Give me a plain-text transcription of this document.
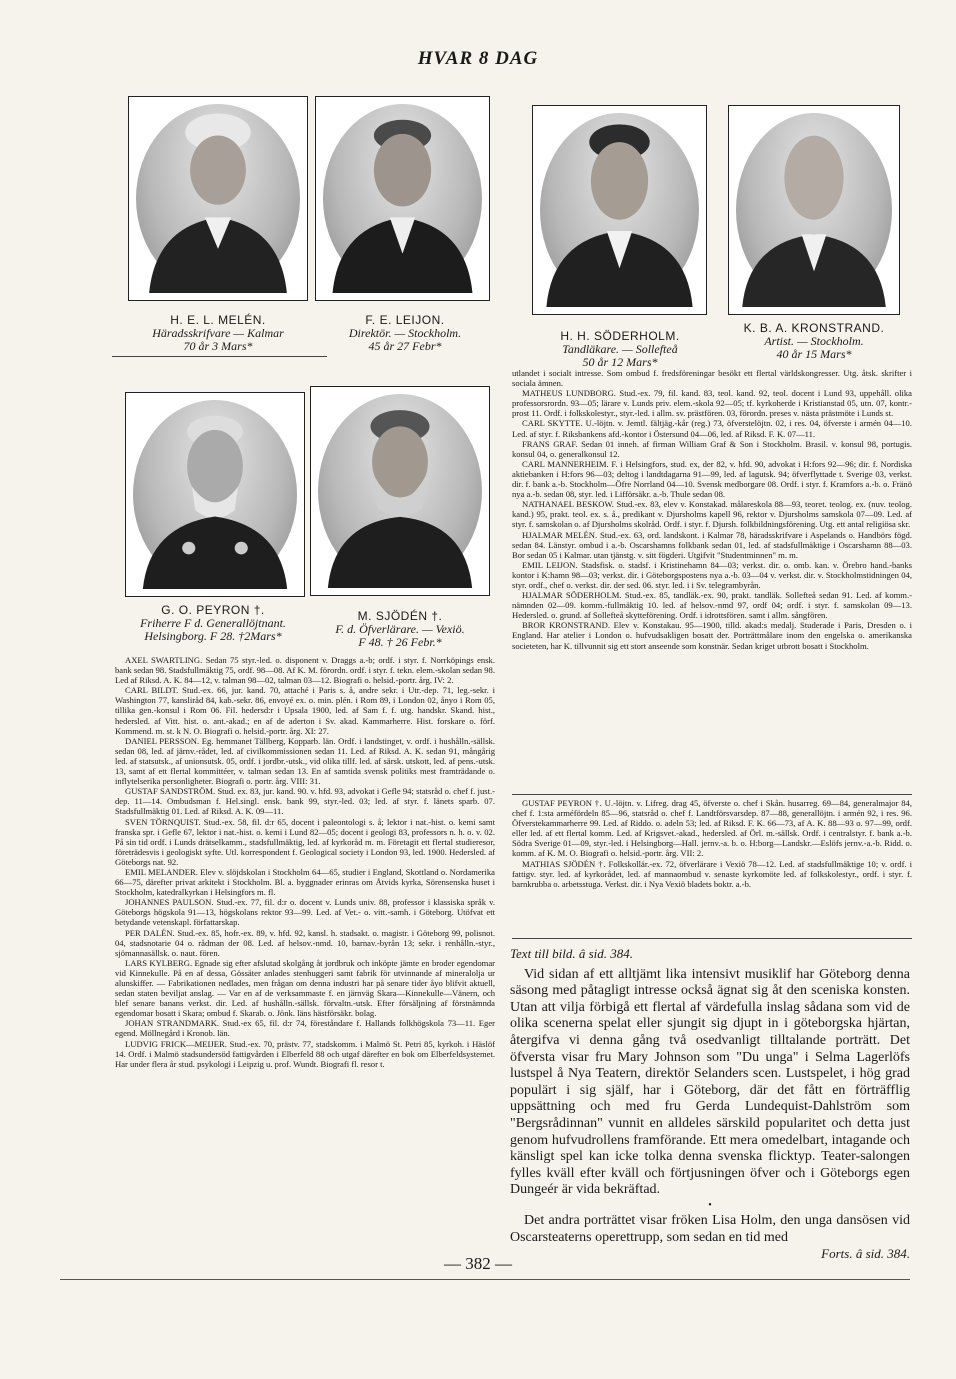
HVAR 8 DAG
H. E. L. MELÉN.
Häradsskrifvare — Kalmar
70 år 3 Mars*
F. E. LEIJON.
Direktör. — Stockholm.
45 år 27 Febr*
H. H. SÖDERHOLM.
Tandläkare. — Sollefteå
50 år 12 Mars*
K. B. A. KRONSTRAND.
Artist. — Stockholm.
40 år 15 Mars*
G. O. PEYRON †.
Friherre F d. Generallöjtnant.
Helsingborg. F 28. †2Mars*
M. SJÖDÉN †.
F. d. Öfverlärare. — Vexiö.
F 48. † 26 Febr.*

AXEL SWARTLING. Sedan 75 styr.-led. o. disponent v. Draggs a.-b; ordf. i styr. f. Norrköpings ensk. bank sedan 98. Stadsfullmäktig 75, ordf. 98—08. Af K. M. förordn. ordf. i styr. f. tekn. elem.-skolan sedan 98. Led af Riksd. A. K. 84—12, v. talman 98—02, talman 03—12. Biografi o. helsid.-portr. årg. IV: 2.

CARL BILDT. Stud.-ex. 66, jur. kand. 70, attaché i Paris s. å, andre sekr. i Utr.-dep. 71, leg.-sekr. i Washington 77, kansliråd 84, kab.-sekr. 86, envoyé ex. o. min. plén. i Rom 89, i London 02, ånyo i Rom 05, tillika gen.-konsul i Rom 06. Fil. hedersd:r i Upsala 1900, led. af Sam f. f. utg. handskr. Skand. hist., hedersled. af Vitt. hist. o. ant.-akad.; en af de aderton i Sv. akad. Kammarherre. Hist. forskare o. förf. Kommend. m. st. k N. O. Biografi o. helsid.-portr. årg. XI: 27.

DANIEL PERSSON. Eg. hemmanet Tällberg, Kopparb. län. Ordf. i landstinget, v. ordf. i hushålln.-sällsk. sedan 08, led. af järnv.-rådet, led. af civilkommissionen sedan 11. Led. af Riksd. A. K. sedan 91, mångårig led. af statsutsk., af unionsutsk. 05, ordf. i jordbr.-utsk., vid olika tillf. led. af särsk. utskott, led. af pens.-utsk. 13, samt af ett flertal kommittéer, v. talman sedan 13. En af samtida svensk politiks mest framträdande o. inflytelserika personligheter. Biografi o. portr. årg. VIII: 31.

GUSTAF SANDSTRÖM. Stud. ex. 83, jur. kand. 90. v. hfd. 93, advokat i Gefle 94; statsråd o. chef f. just.-dep. 11—14. Ombudsman f. Hel.singl. ensk. bank 99, styr.-led. 03; led. af styr. f. länets sparb. 07. Stadsfullmäktig 01. Led. af Riksd. A. K. 09—11.

SVEN TÖRNQUIST. Stud.-ex. 58, fil. d:r 65, docent i paleontologi s. å; lektor i nat.-hist. o. kemi samt franska spr. i Gefle 67, lektor i nat.-hist. o. kemi i Lund 82—05; docent i geologi 83, professors n. h. o. v. 02. På sin tid ordf. i Lunds drätselkamm., stadsfullmäktig, led. af kyrkoråd m. m. Företagit ett flertal studieresor, företrädesvis i geologiskt syfte. Utl. korrespondent f. Geological society i London 93, led. 1900. Hedersled. af Göteborgs nat. 92.

EMIL MELANDER. Elev v. slöjdskolan i Stockholm 64—65, studier i England, Skottland o. Nordamerika 66—75, därefter privat arkitekt i Stockholm. Bl. a. byggnader erinras om Åtvids kyrka, Sörensenska huset i Stockholm, katedralkyrkan i Helsingfors m. fl.

JOHANNES PAULSON. Stud.-ex. 77, fil. d:r o. docent v. Lunds univ. 88, professor i klassiska språk v. Göteborgs högskola 91—13, högskolans rektor 93—99. Led. af Vet.- o. vitt.-samh. i Göteborg. Utöfvat ett betydande vetenskapl. författarskap.

PER DALÉN. Stud.-ex. 85, hofr.-ex. 89, v. hfd. 92, kansl. h. stadsakt. o. magistr. i Göteborg 99, polisnot. 04, stadsnotarie 04 o. rådman der 08. Led. af helsov.-nmd. 10, barnav.-byrån 13; sekr. i renhålln.-styr., sjömannasällsk. o. naut. fören.

LARS KYLBERG. Egnade sig efter afslutad skolgång åt jordbruk och inköpte jämte en broder egendomar vid Kinnekulle. På en af dessa, Gössäter anlades stenhuggeri samt fabrik för utvinnande af mineralolja ur alunskiffer. — Fabrikationen nedlades, men frågan om denna industri har på senare tider åyo blifvit aktuell, sedan staten beviljat anslag. — Var en af de verksammaste f. en järnväg Skara—Kinnekulle—Vänern, och blef senare banans verkst. dir. Led. af hushålln.-sällsk. förvaltn.-utsk. Efter försäljning af förstnämnda egendomar bosatt i Skara; ombud f. Skarab. o. Jönk. läns hästförsäkr. bolag.

JOHAN STRANDMARK. Stud.-ex 65, fil. d:r 74, föreståndare f. Hallands folkhögskola 73—11. Eger egend. Möllnegård i Kronob. län.

LUDVIG FRICK—MEIJER. Stud.-ex. 70, prästv. 77, stadskomm. i Malmö St. Petri 85, kyrkoh. i Häslöf 14. Ordf. i Malmö stadsundersöd fattigvården i Elberfeld 88 och utgaf därefter en bok om Elberfeldsystemet. Har under flera år stud. psykologi i Leipzig u. prof. Wundt. Biografi fl. resor t.

utlandet i socialt intresse. Som ombud f. fredsföreningar besökt ett flertal världskongresser. Utg. åtsk. skrifter i sociala ämnen.

MATHEUS LUNDBORG. Stud.-ex. 79, fil. kand. 83, teol. kand. 92, teol. docent i Lund 93, uppehåll. olika professorsrordn. 93—05; lärare v. Lunds priv. elem.-skola 92—05; tf. kyrkoherde i Kristianstad 05, utn. 07, kontr.-prost 11. Ordf. i folkskolestyr., styr.-led. i allm. sv. prästfören. 03, förordn. preses v. nästa prästmöte i Lunds st.

CARL SKYTTE. U.-löjtn. v. Jemtl. fältjäg.-kår (reg.) 73, öfverstelöjtn. 02, i res. 04, öfverste i armén 04—10. Led. af styr. f. Riksbankens afd.-kontor i Östersund 04—06, led. af Riksd. F. K. 07—11.

FRANS GRAF. Sedan 01 inneh. af firman William Graf & Son i Stockholm. Brasil. v. konsul 98, portugis. konsul 04, o. generalkonsul 12.

CARL MANNERHEIM. F. i Helsingfors, stud. ex, der 82, v. hfd. 90, advokat i H:fors 92—96; dir. f. Nordiska aktiebanken i H:fors 96—03; deltog i landtdagarna 91—99, led. af lagutsk. 94; öfverflyttade t. Sverige 03, verkst. dir. f. bank a.-b. Stockholm—Öfre Norrland 04—10. Svensk medborgare 08. Ordf. i styr. f. Kramfors a.-b. o. Fränö nya a.-b. sedan 08, styr. led. i Lifförsäkr. a.-b. Thule sedan 08.

NATHANAEL BESKOW. Stud.-ex. 83, elev v. Konstakad. målareskola 88—93, teoret. teolog. ex. (nuv. teolog. kand.) 95, prakt. teol. ex. s. å., predikant v. Djursholms kapell 96, rektor v. Djursholms samskola 07—09. Led. af styr. f. samskolan o. af Djursholms skolråd. Ordf. i styr. f. Djursh. folkbildningsförening. Utg. ett antal religiösa skr.

HJALMAR MELÉN. Stud.-ex. 63, ord. landskont. i Kalmar 78, häradsskrifvare i Aspelands o. Handbörs fögd. sedan 84. Länstyr. ombud i a.-b. Oscarshamns folkbank sedan 01, led. af stadsfullmäktige i Oscarshamn 88—03. Bor sedan 05 i Kalmar. utan tjänstg. v. sitt fögderi. Utgifvit "Studentminnen" m. m.

EMIL LEIJON. Stadsfisk. o. stadsf. i Kristinehamn 84—03; verkst. dir. o. omb. kan. v. Örebro hand.-banks kontor i K:hamn 98—03; verkst. dir. i Göteborgspostens nya a.-b. 03—04 v. verkst. dir. v. Stockholmstidningen 04, styr. ordf., chef o. verkst. dir. der sed. 06. styr. led. i i Sv. telegrambyrån.

HJALMAR SÖDERHOLM. Stud.-ex. 85, tandläk.-ex. 90, prakt. tandläk. Sollefteå sedan 91. Led. af komm.-nämnden 02—09. komm.-fullmäktig 10. led. af helsov.-nmd 97, ordf 04; ordf. i styr. f. samskolan 09—13. Hedersled. o. grund. af Sollefteå skytteförening. Ordf. i idrottsfören. samt i allm. sångfören.

BROR KRONSTRAND. Elev v. Konstakau. 95—1900, tilld. akad:s medalj. Studerade i Paris, Dresden o. i England. Har atelier i London o. hufvudsakligen bosatt der. Porträttmålare inom den engelska o. amerikanska societeten, har K. tillvunnit sig ett stort anseende som konstnär. Sedan kriget utbrott bosatt i Stockholm.

GUSTAF PEYRON †. U.-löjtn. v. Lifreg. drag 45, öfverste o. chef i Skån. husarreg. 69—84, generalmajor 84, chef f. 1:sta arméfördeln 85—96, statsråd o. chef f. Landtförsvarsdep. 87—88, generallöjtn. i armén 92, i res. 96. Öfverstekammarherre 99. Led. af Riddo. o. adeln 53; led. af Riksd. F. K. 66—73, af A. K. 88—93 o. 97—99, ordf. eller led. af ett flertal komm. Led. af Krigsvet.-akad., hedersled. af Örl. m.-sällsk. Ordf. i centralstyr. f. bank a.-b. Södra Sverige 01—09, styr.-led. i Helsingborg—Hall. jernv.-a. b. o. H:borg—Landskr.—Eslöfs jernv.-a.-b. Ridd. o. komm. af K. M. O. Biografi o. helsid.-portr. årg. VII: 2.

MATHIAS SJÖDÉN †. Folkskollär.-ex. 72, öfverlärare i Vexiö 78—12. Led. af stadsfullmäktige 10; v. ordf. i fattigv. styr. led. af kyrkorådet, led. af mannaombud v. senaste kyrkomöte led. af folkskolestyr., ordf. i styr. f. barnkrubba o. arbetsstuga. Verkst. dir. i Nya Vexiö bladets boktr. a.-b.

Text till bild. â sid. 384.

Vid sidan af ett alltjämt lika intensivt musiklif har Göteborg denna säsong med påtagligt intresse också ägnat sig åt den sceniska konsten. Utan att vilja förbigå ett flertal af värdefulla inslag sådana som vid de olika scenerna spelat eller sjungit sig djupt in i göteborgska hjärtan, återgifva vi denna gång två osedvanligt tilltalande porträtt. Det öfversta visar fru Mary Johnson som "Du unga" i Selma Lagerlöfs lustspel å Nya Teatern, direktör Selanders scen. Lustspelet, i hög grad populärt i sig själf, har i Göteborg, där det fått en förträfflig uppsättning och med fru Gerda Lundequist-Dahlström som "Bergsrådinnan" vunnit en alldeles särskild popularitet och detta just genom hufvudrollens framförande. Ett mera omedelbart, intagande och känsligt spel kan icke tolka denna svenska flicktyp. Teater-salongen fylles kväll efter kväll och förtjusningen öfver och i Göteborgs egen Dungeér är vida bekräftad.

•

Det andra porträttet visar fröken Lisa Holm, den unga dansösen vid Oscarsteaterns operettrupp, som sedan en tid med

Forts. â sid. 384.
— 382 —
